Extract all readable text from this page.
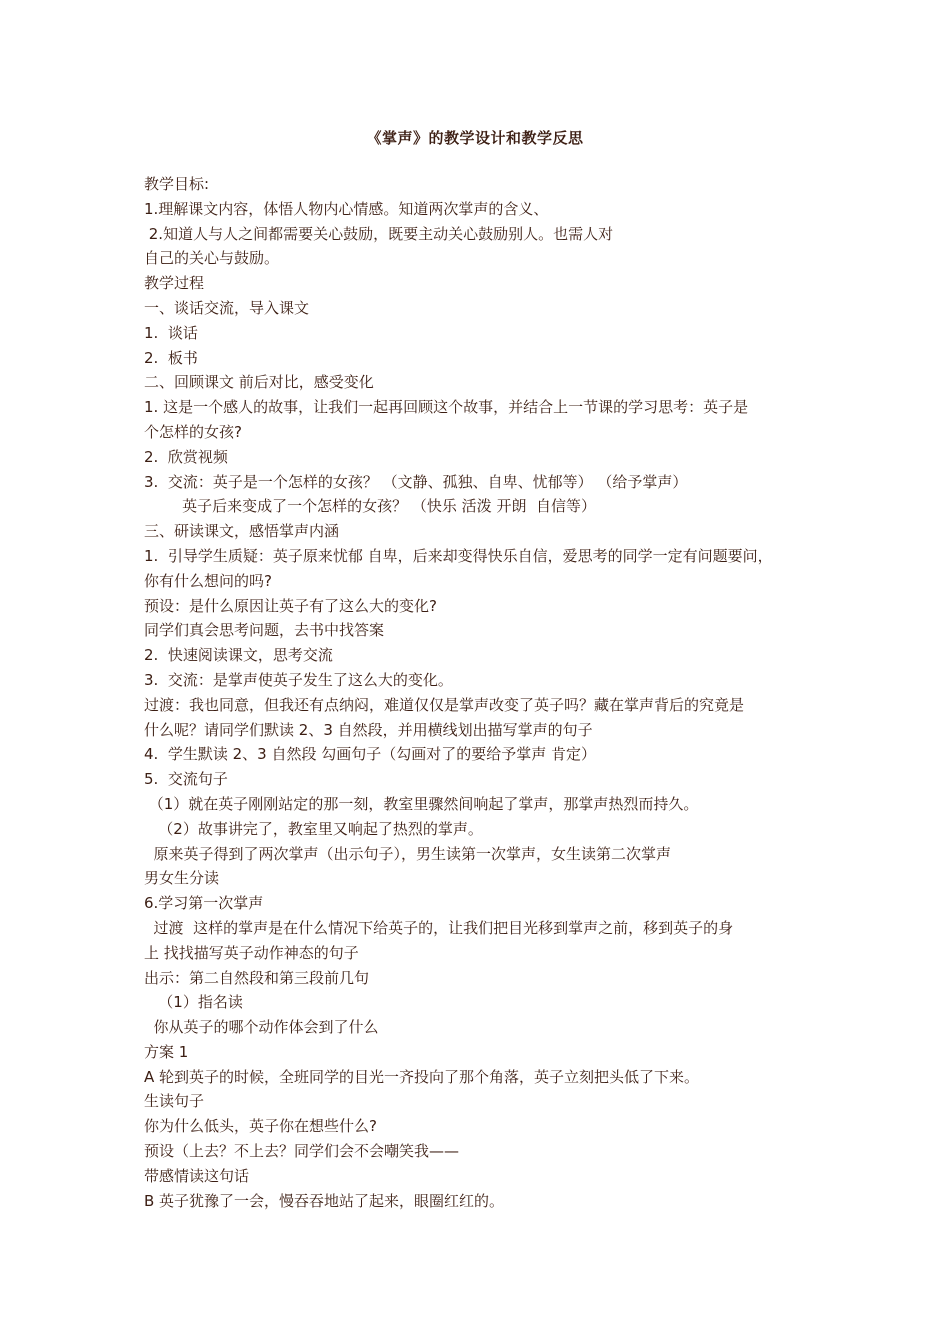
《掌声》的教学设计和教学反思
教学目标:
1.理解课文内容，体悟人物内心情感。知道两次掌声的含义、
2.知道人与人之间都需要关心鼓励，既要主动关心鼓励别人。也需人对
自己的关心与鼓励。
教学过程
一、谈话交流，导入课文
1.  谈话
2.  板书
二、回顾课文 前后对比，感受变化
1. 这是一个感人的故事，让我们一起再回顾这个故事，并结合上一节课的学习思考：英子是
个怎样的女孩?
2.  欣赏视频
3.  交流：英子是一个怎样的女孩？ （文静、孤独、自卑、忧郁等） （给予掌声）
英子后来变成了一个怎样的女孩？ （快乐 活泼 开朗  自信等）
三、研读课文，感悟掌声内涵
1.  引导学生质疑：英子原来忧郁 自卑，后来却变得快乐自信，爱思考的同学一定有问题要问，
你有什么想问的吗?
预设：是什么原因让英子有了这么大的变化?
同学们真会思考问题，去书中找答案
2.  快速阅读课文，思考交流
3.  交流：是掌声使英子发生了这么大的变化。
过渡：我也同意，但我还有点纳闷，难道仅仅是掌声改变了英子吗？藏在掌声背后的究竟是
什么呢？请同学们默读 2、3 自然段，并用横线划出描写掌声的句子
4.  学生默读 2、3 自然段 勾画句子（勾画对了的要给予掌声 肯定）
5.  交流句子
（1）就在英子刚刚站定的那一刻，教室里骤然间响起了掌声，那掌声热烈而持久。
（2）故事讲完了，教室里又响起了热烈的掌声。
原来英子得到了两次掌声（出示句子），男生读第一次掌声，女生读第二次掌声
男女生分读
6.学习第一次掌声
过渡  这样的掌声是在什么情况下给英子的，让我们把目光移到掌声之前，移到英子的身
上 找找描写英子动作神态的句子
出示：第二自然段和第三段前几句
（1）指名读
你从英子的哪个动作体会到了什么
方案 1
A 轮到英子的时候，全班同学的目光一齐投向了那个角落，英子立刻把头低了下来。
生读句子
你为什么低头，英子你在想些什么?
预设（上去？不上去？同学们会不会嘲笑我——
带感情读这句话
B 英子犹豫了一会，慢吞吞地站了起来，眼圈红红的。
